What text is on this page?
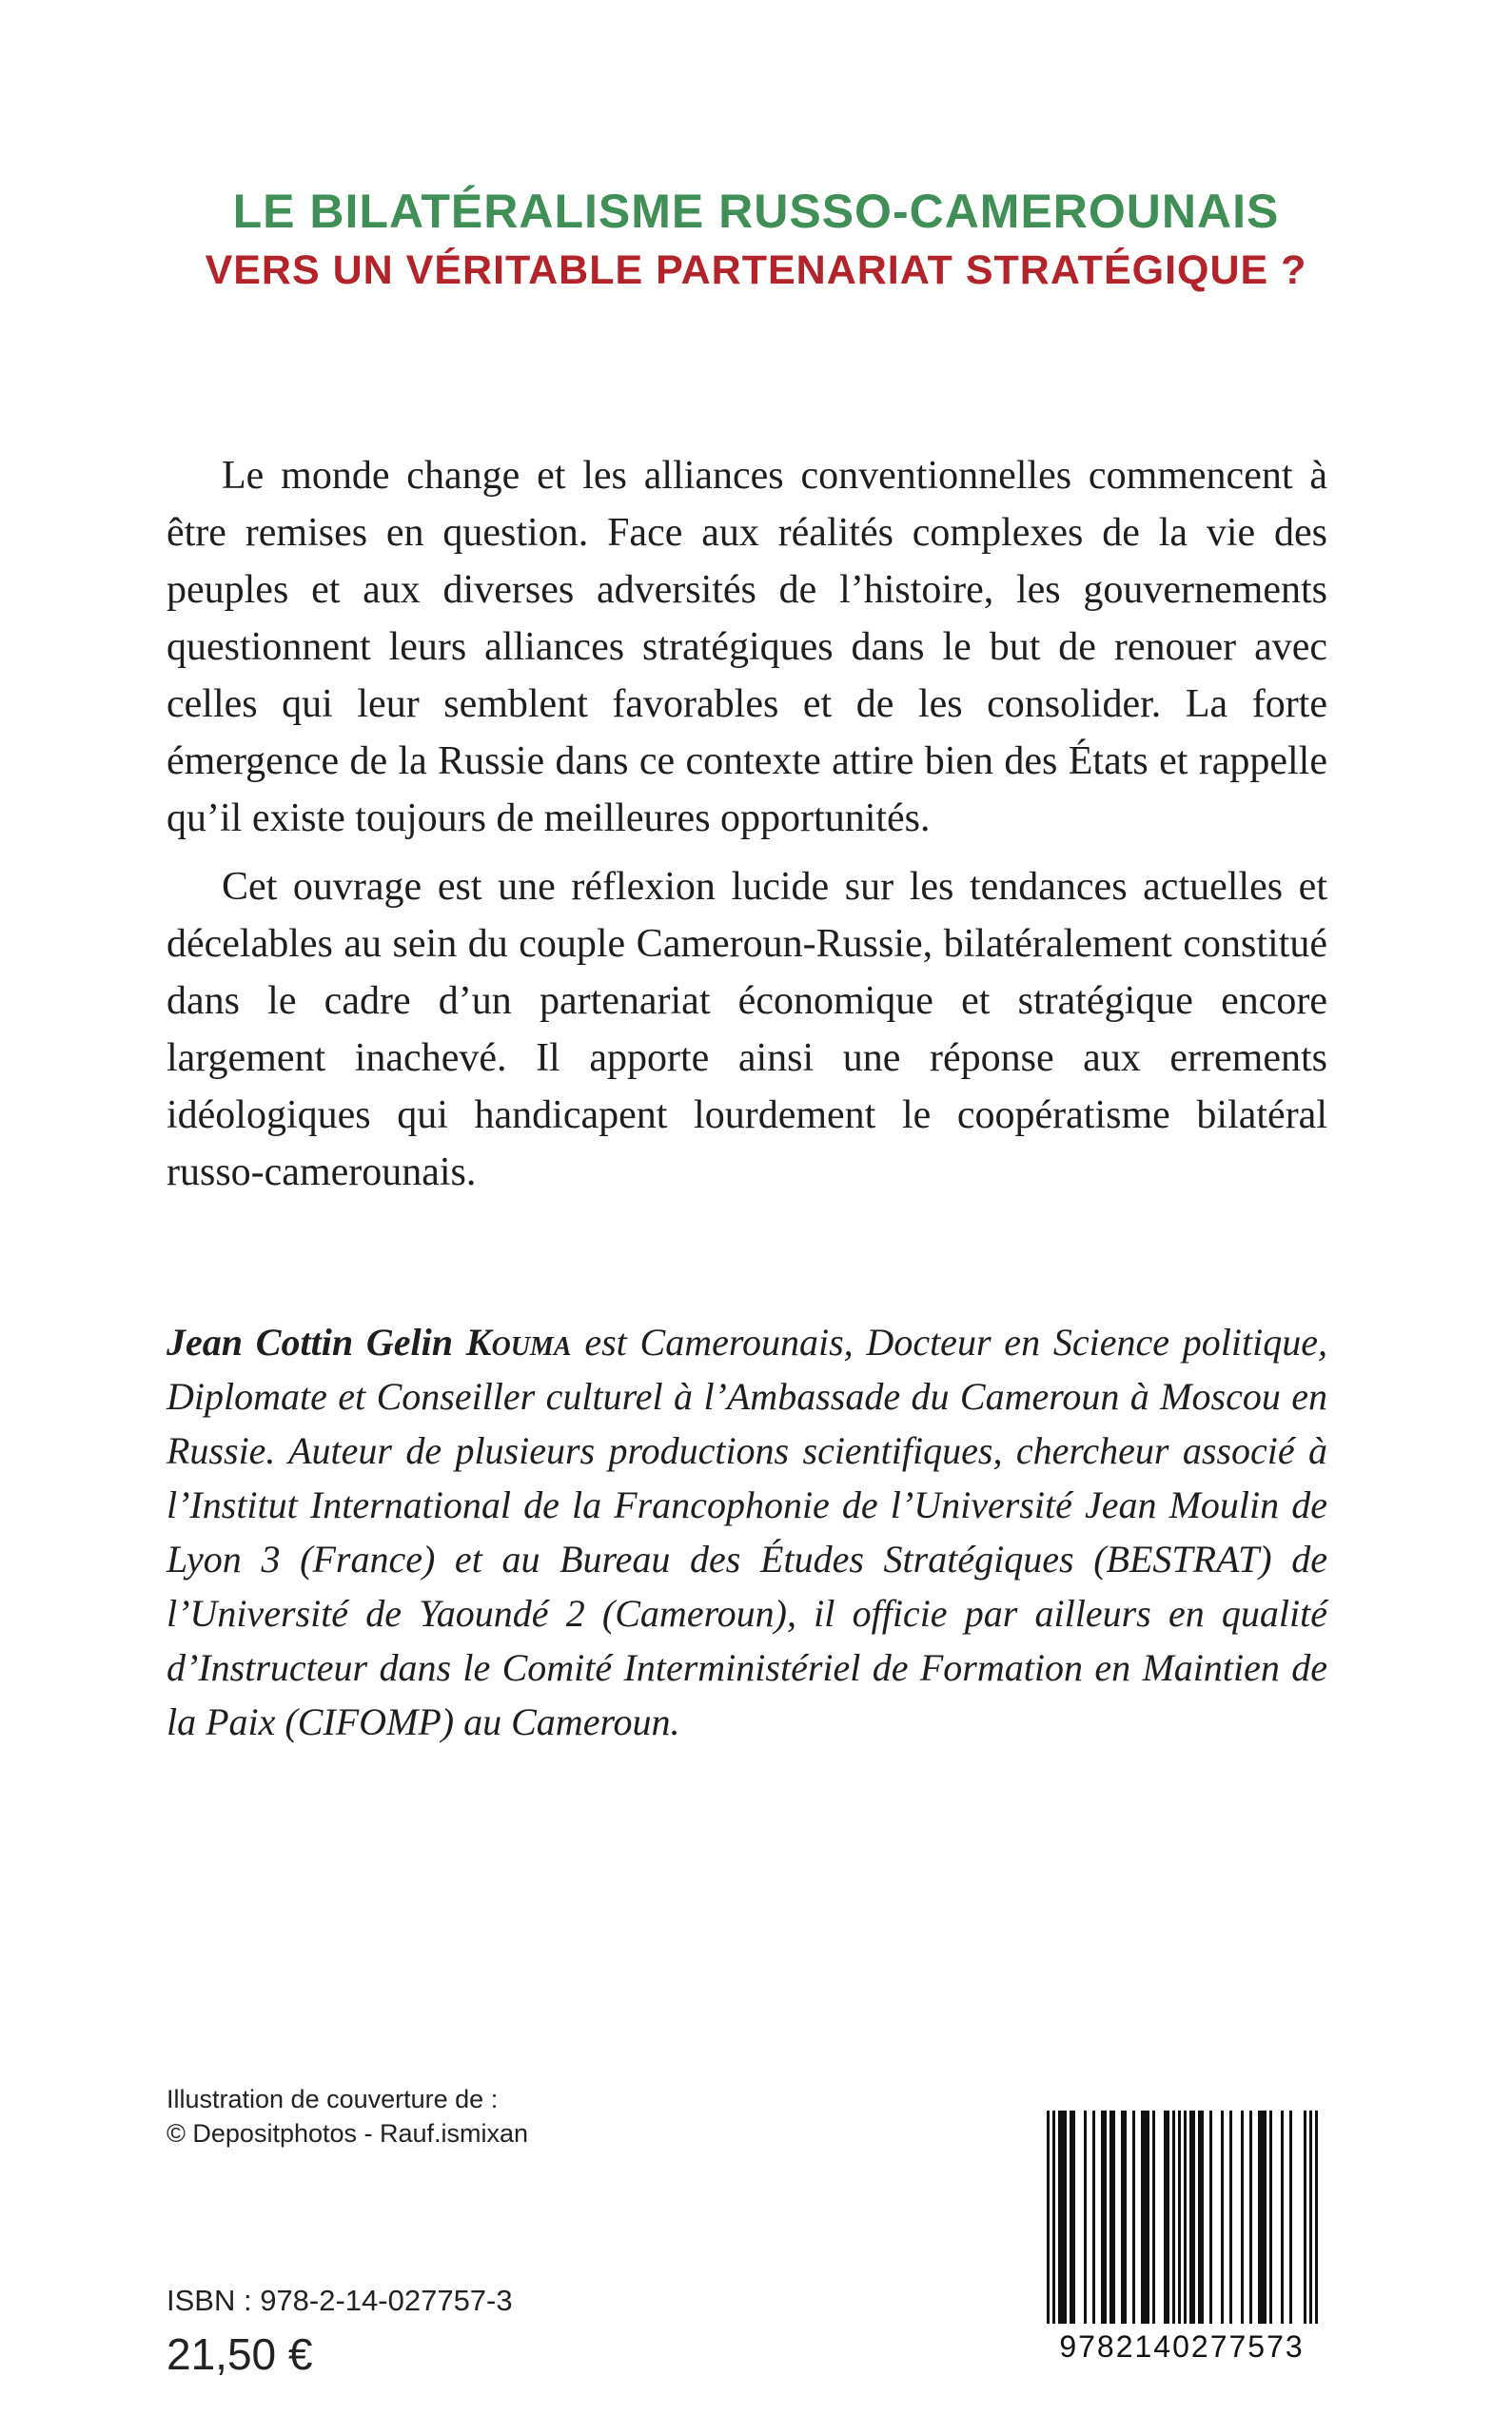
LE BILATÉRALISME RUSSO-CAMEROUNAIS
VERS UN VÉRITABLE PARTENARIAT STRATÉGIQUE ?

Le monde change et les alliances conventionnelles commencent à être remises en question. Face aux réalités complexes de la vie des peuples et aux diverses adversités de l’histoire, les gouvernements questionnent leurs alliances stratégiques dans le but de renouer avec celles qui leur semblent favorables et de les consolider. La forte émergence de la Russie dans ce contexte attire bien des États et rappelle qu’il existe toujours de meilleures opportunités.

Cet ouvrage est une réflexion lucide sur les tendances actuelles et décelables au sein du couple Cameroun-Russie, bilatéralement constitué dans le cadre d’un partenariat économique et stratégique encore largement inachevé. Il apporte ainsi une réponse aux errements idéologiques qui handicapent lourdement le coopératisme bilatéral russo-camerounais.

Jean Cottin Gelin Kouma est Camerounais, Docteur en Science politique, Diplomate et Conseiller culturel à l’Ambassade du Cameroun à Moscou en Russie. Auteur de plusieurs productions scientifiques, chercheur associé à l’Institut International de la Francophonie de l’Université Jean Moulin de Lyon 3 (France) et au Bureau des Études Stratégiques (BESTRAT) de l’Université de Yaoundé 2 (Cameroun), il officie par ailleurs en qualité d’Instructeur dans le Comité Interministériel de Formation en Maintien de la Paix (CIFOMP) au Cameroun.
Illustration de couverture de :
© Depositphotos - Rauf.ismixan
ISBN : 978-2-14-027757-3
21,50 €	9782140277573
